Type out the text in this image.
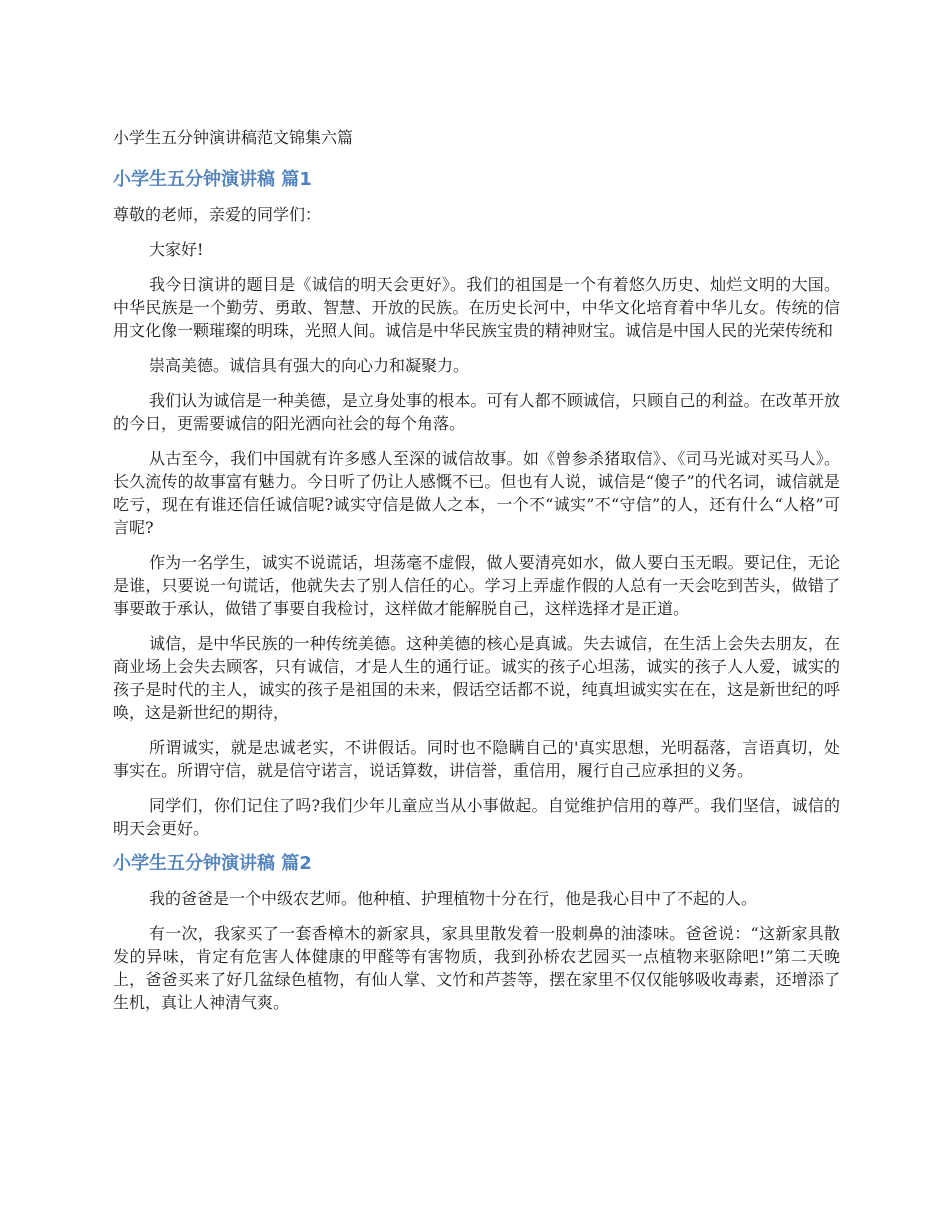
小学生五分钟演讲稿范文锦集六篇
小学生五分钟演讲稿 篇1

尊敬的老师，亲爱的同学们：

大家好!

我今日演讲的题目是《诚信的明天会更好》。我们的祖国是一个有着悠久历史、灿烂文明的大国。中华民族是一个勤劳、勇敢、智慧、开放的民族。在历史长河中，中华文化培育着中华儿女。传统的信用文化像一颗璀璨的明珠，光照人间。诚信是中华民族宝贵的精神财宝。诚信是中国人民的光荣传统和

崇高美德。诚信具有强大的向心力和凝聚力。

我们认为诚信是一种美德，是立身处事的根本。可有人都不顾诚信，只顾自己的利益。在改革开放的今日，更需要诚信的阳光洒向社会的每个角落。

从古至今，我们中国就有许多感人至深的诚信故事。如《曾参杀猪取信》、《司马光诚对买马人》。长久流传的故事富有魅力。今日听了仍让人感慨不已。但也有人说，诚信是“傻子”的代名词，诚信就是吃亏，现在有谁还信任诚信呢?诚实守信是做人之本，一个不“诚实”不“守信”的人，还有什么“人格”可言呢?

作为一名学生，诚实不说谎话，坦荡毫不虚假，做人要清亮如水，做人要白玉无暇。要记住，无论是谁，只要说一句谎话，他就失去了别人信任的心。学习上弄虚作假的人总有一天会吃到苦头，做错了事要敢于承认，做错了事要自我检讨，这样做才能解脱自己，这样选择才是正道。

诚信，是中华民族的一种传统美德。这种美德的核心是真诚。失去诚信，在生活上会失去朋友，在商业场上会失去顾客，只有诚信，才是人生的通行证。诚实的孩子心坦荡，诚实的孩子人人爱，诚实的孩子是时代的主人，诚实的孩子是祖国的未来，假话空话都不说，纯真坦诚实实在在，这是新世纪的呼唤，这是新世纪的期待，

所谓诚实，就是忠诚老实，不讲假话。同时也不隐瞒自己的'真实思想，光明磊落，言语真切，处事实在。所谓守信，就是信守诺言，说话算数，讲信誉，重信用，履行自己应承担的义务。

同学们，你们记住了吗?我们少年儿童应当从小事做起。自觉维护信用的尊严。我们坚信，诚信的明天会更好。

小学生五分钟演讲稿 篇2

我的爸爸是一个中级农艺师。他种植、护理植物十分在行，他是我心目中了不起的人。

有一次，我家买了一套香樟木的新家具，家具里散发着一股刺鼻的油漆味。爸爸说：“这新家具散发的异味，肯定有危害人体健康的甲醛等有害物质，我到孙桥农艺园买一点植物来驱除吧!”第二天晚上，爸爸买来了好几盆绿色植物，有仙人掌、文竹和芦荟等，摆在家里不仅仅能够吸收毒素，还增添了生机，真让人神清气爽。
